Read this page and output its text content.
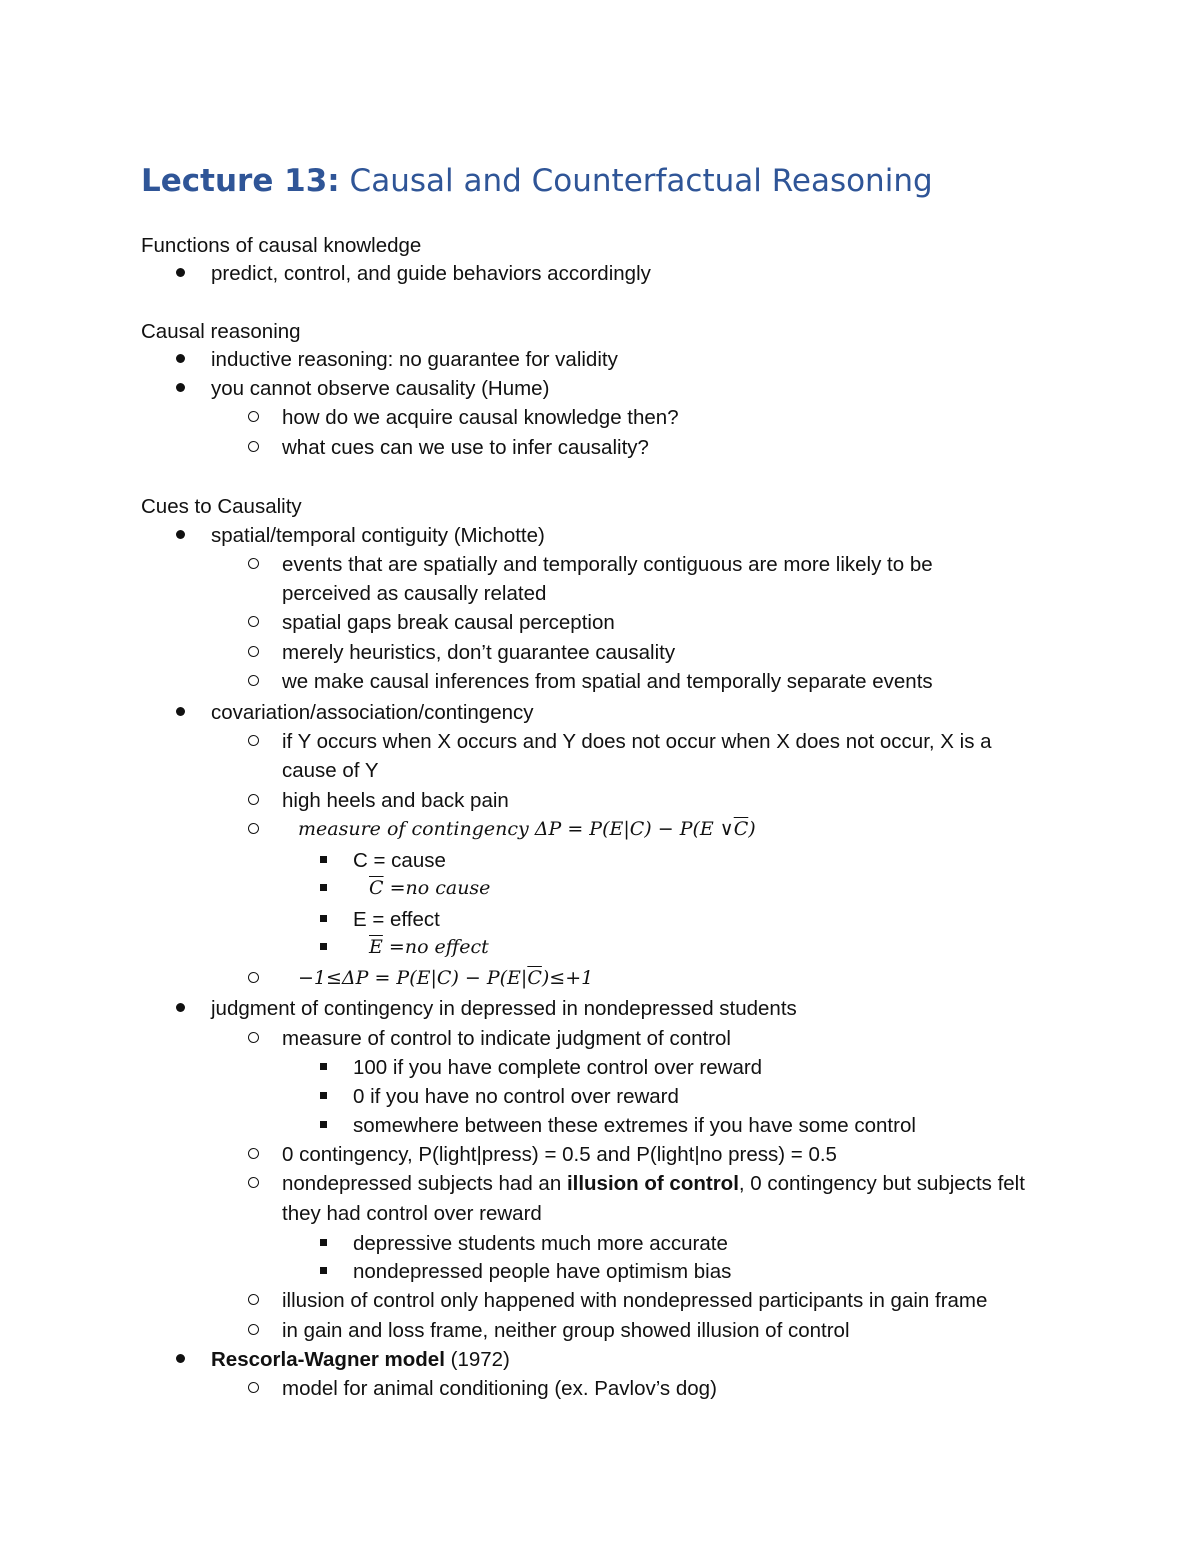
Lecture 13: Causal and Counterfactual Reasoning
Functions of causal knowledge
predict, control, and guide behaviors accordingly
Causal reasoning
inductive reasoning: no guarantee for validity
you cannot observe causality (Hume)
how do we acquire causal knowledge then?
what cues can we use to infer causality?
Cues to Causality
spatial/temporal contiguity (Michotte)
events that are spatially and temporally contiguous are more likely to be
perceived as causally related
spatial gaps break causal perception
merely heuristics, don’t guarantee causality
we make causal inferences from spatial and temporally separate events
covariation/association/contingency
if Y occurs when X occurs and Y does not occur when X does not occur, X is a
cause of Y
high heels and back pain
measure of contingency ΔP = P(E|C) − P(E $\vee\overline{C}$)
C = cause
$\overline{C} =no$ cause
E = effect
$\overline{E} =no$ effect
$-1\le\Delta P = P(E|C) - P(E|\overline{C})\le+1$
judgment of contingency in depressed in nondepressed students
measure of control to indicate judgment of control
100 if you have complete control over reward
0 if you have no control over reward
somewhere between these extremes if you have some control
0 contingency, P(light|press) = 0.5 and P(light|no press) = 0.5
nondepressed subjects had an illusion of control, 0 contingency but subjects felt
they had control over reward
depressive students much more accurate
nondepressed people have optimism bias
illusion of control only happened with nondepressed participants in gain frame
in gain and loss frame, neither group showed illusion of control
Rescorla-Wagner model (1972)
model for animal conditioning (ex. Pavlov’s dog)
